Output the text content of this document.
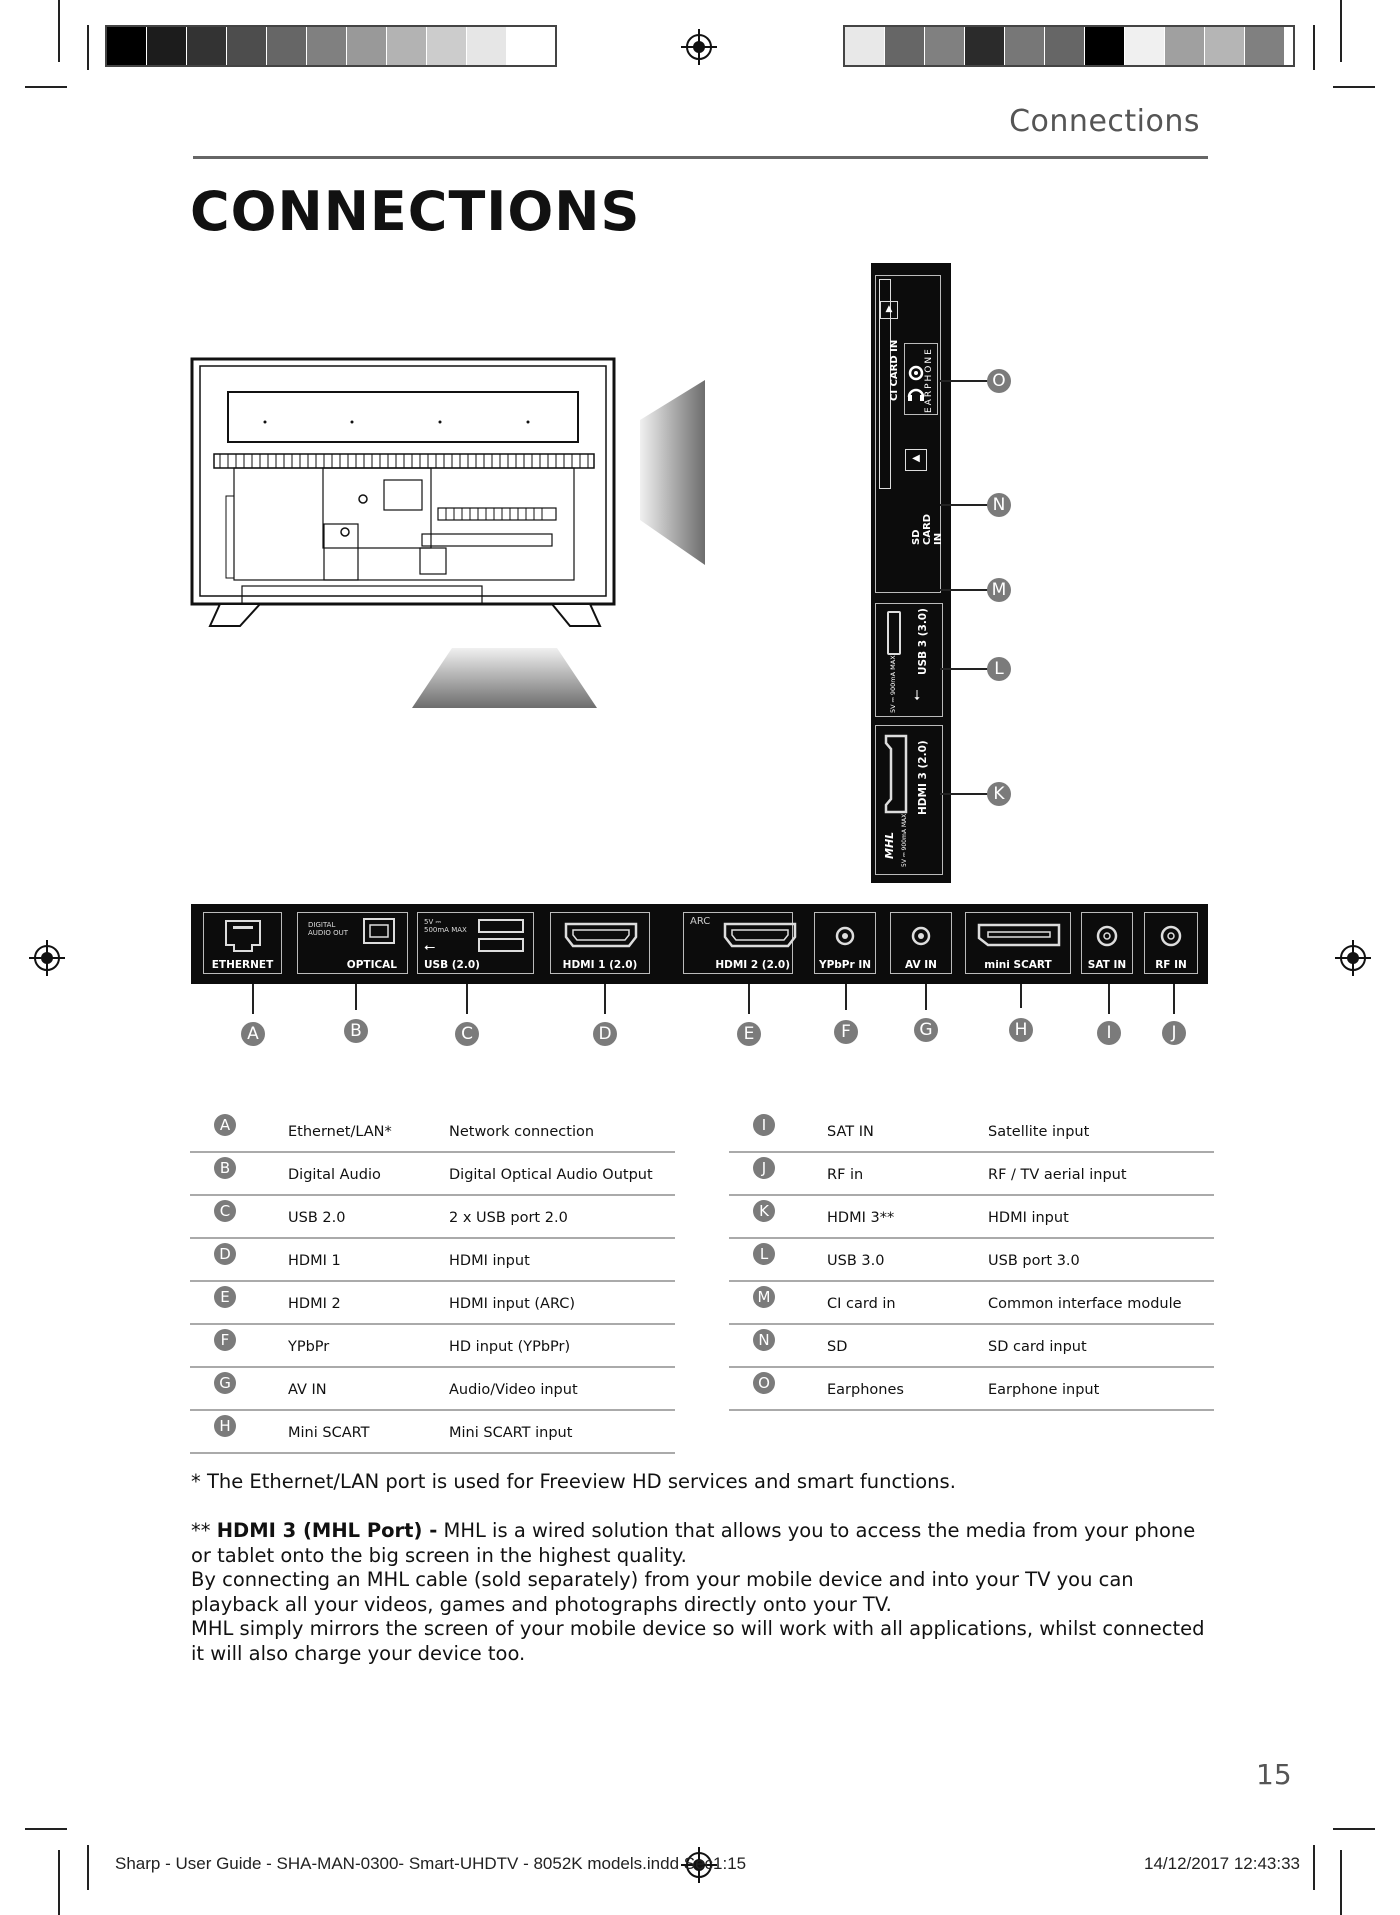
Connections
CONNECTIONS
CI CARD IN
▲
EARPHONE
◀
SD CARD IN
USB 3 (3.0)
5V ⎓ 900mA MAX ⭠
HDMI 3 (2.0)
5V ⎓ 900mA MAX
MHL
O
N
M
L
K
ETHERNET
DIGITAL AUDIO OUT
OPTICAL
5V ⎓ 500mA MAX
⭠
USB (2.0)	HDMI 1 (2.0)
ARC
HDMI 2 (2.0)	YPbPr IN	AV IN	mini SCART	SAT IN	RF IN
A	B	C	D	E	F	G	H	I	J
A	Ethernet/LAN*	Network connection
B	Digital Audio	Digital Optical Audio Output
C	USB 2.0	2 x USB port 2.0
D	HDMI 1	HDMI input
E	HDMI 2	HDMI input (ARC)
F	YPbPr	HD input (YPbPr)
G	AV IN	Audio/Video input
H	Mini SCART	Mini SCART input
I	SAT IN	Satellite input
J	RF in	RF / TV aerial input
K	HDMI 3**	HDMI input
L	USB 3.0	USB port 3.0
M	CI card in	Common interface module
N	SD	SD card input
O	Earphones	Earphone input
* The Ethernet/LAN port is used for Freeview HD services and smart functions.
** HDMI 3 (MHL Port) - MHL is a wired solution that allows you to access the media from your phone or tablet onto the big screen in the highest quality.
By connecting an MHL cable (sold separately) from your mobile device and into your TV you can playback all your videos, games and photographs directly onto your TV.
MHL simply mirrors the screen of your mobile device so will work with all applications, whilst connected it will also charge your device too.
15
Sharp - User Guide - SHA-MAN-0300- Smart-UHDTV - 8052K models.indd Sec1:15	14/12/2017 12:43:33
